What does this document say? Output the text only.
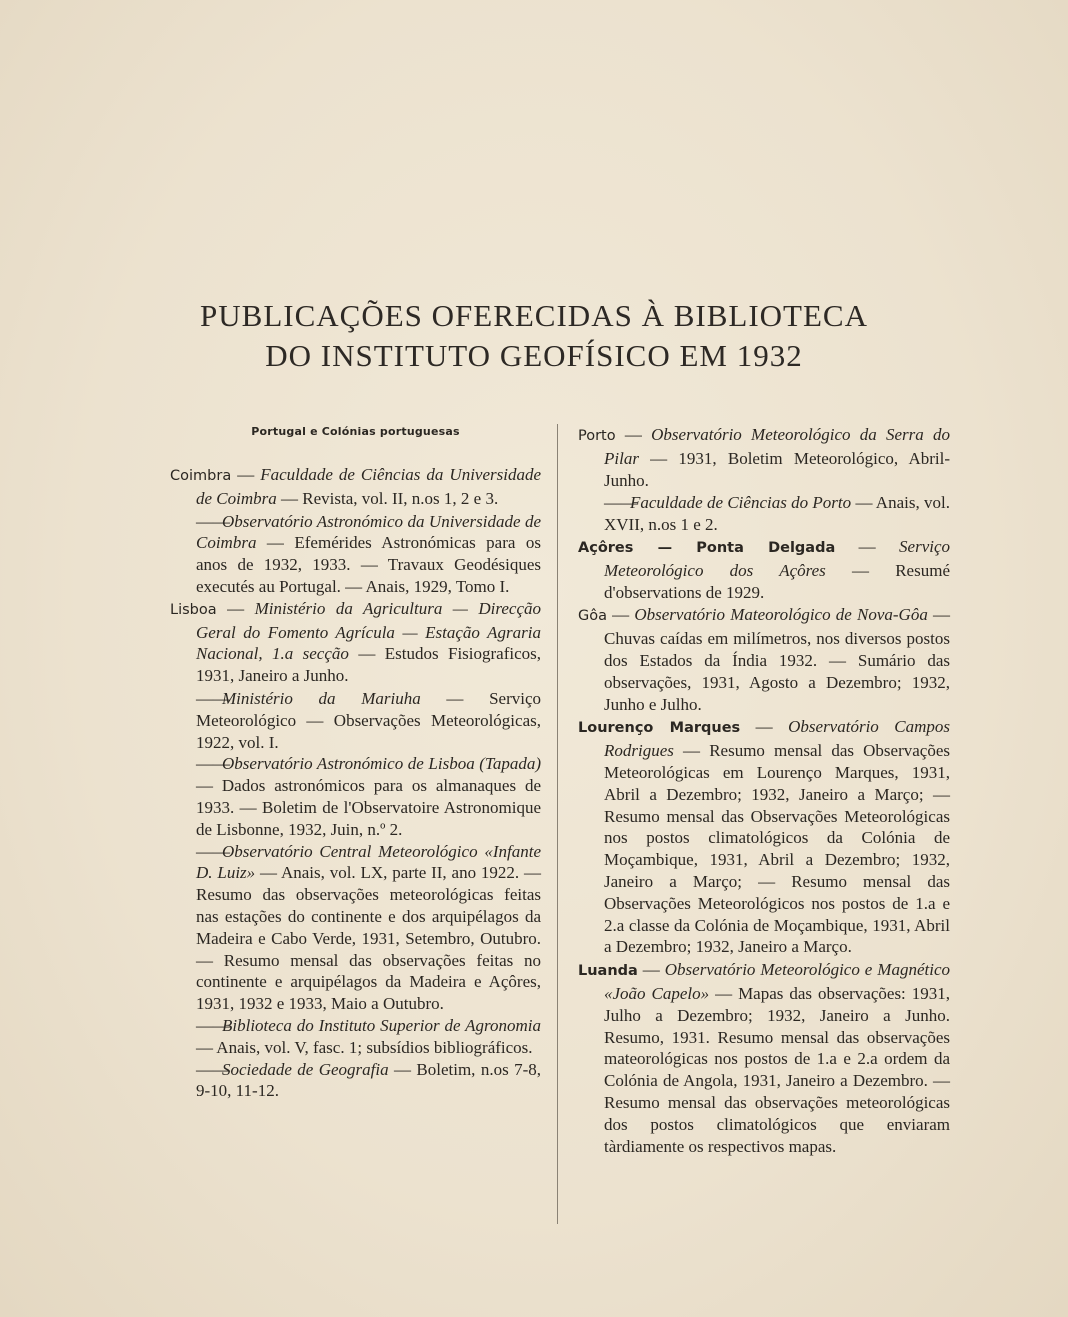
PUBLICAÇÕES OFERECIDAS À BIBLIOTECA
DO INSTITUTO GEOFÍSICO EM 1932
Portugal e Colónias portuguesas

Coimbra — Faculdade de Ciências da Universidade de Coimbra — Revista, vol. II, n.os 1, 2 e 3.

——Observatório Astronómico da Universidade de Coimbra — Efemérides Astronómicas para os anos de 1932, 1933. — Travaux Geodésiques executés au Portugal. — Anais, 1929, Tomo I.

Lisboa — Ministério da Agricultura — Direcção Geral do Fomento Agrícula — Estação Agraria Nacional, 1.a secção — Estudos Fisiograficos, 1931, Janeiro a Junho.

——Ministério da Mariuha — Serviço Meteorológico — Observações Meteorológicas, 1922, vol. I.

——Observatório Astronómico de Lisboa (Tapada) — Dados astronómicos para os almanaques de 1933. — Boletim de l'Observatoire Astronomique de Lisbonne, 1932, Juin, n.º 2.

——Observatório Central Meteorológico «Infante D. Luiz» — Anais, vol. LX, parte II, ano 1922. — Resumo das observações meteorológicas feitas nas estações do continente e dos arquipélagos da Madeira e Cabo Verde, 1931, Setembro, Outubro. — Resumo mensal das observações feitas no continente e arquipélagos da Madeira e Açôres, 1931, 1932 e 1933, Maio a Outubro.

——Biblioteca do Instituto Superior de Agronomia — Anais, vol. V, fasc. 1; subsídios bibliográficos.

——Sociedade de Geografia — Boletim, n.os 7-8, 9-10, 11-12.

Porto — Observatório Meteorológico da Serra do Pilar — 1931, Boletim Meteorológico, Abril-Junho.

——Faculdade de Ciências do Porto — Anais, vol. XVII, n.os 1 e 2.

Açôres — Ponta Delgada — Serviço Meteorológico dos Açôres — Resumé d'observations de 1929.

Gôa — Observatório Mateorológico de Nova-Gôa — Chuvas caídas em milímetros, nos diversos postos dos Estados da Índia 1932. — Sumário das observações, 1931, Agosto a Dezembro; 1932, Junho e Julho.

Lourenço Marques — Observatório Campos Rodrigues — Resumo mensal das Observações Meteorológicas em Lourenço Marques, 1931, Abril a Dezembro; 1932, Janeiro a Março; — Resumo mensal das Observações Meteorológicas nos postos climatológicos da Colónia de Moçambique, 1931, Abril a Dezembro; 1932, Janeiro a Março; — Resumo mensal das Observações Meteorológicos nos postos de 1.a e 2.a classe da Colónia de Moçambique, 1931, Abril a Dezembro; 1932, Janeiro a Março.

Luanda — Observatório Meteorológico e Magnético «João Capelo» — Mapas das observações: 1931, Julho a Dezembro; 1932, Janeiro a Junho. Resumo, 1931. Resumo mensal das observações mateorológicas nos postos de 1.a e 2.a ordem da Colónia de Angola, 1931, Janeiro a Dezembro. — Resumo mensal das observações meteorológicas dos postos climatológicos que enviaram tàrdiamente os respectivos mapas.
